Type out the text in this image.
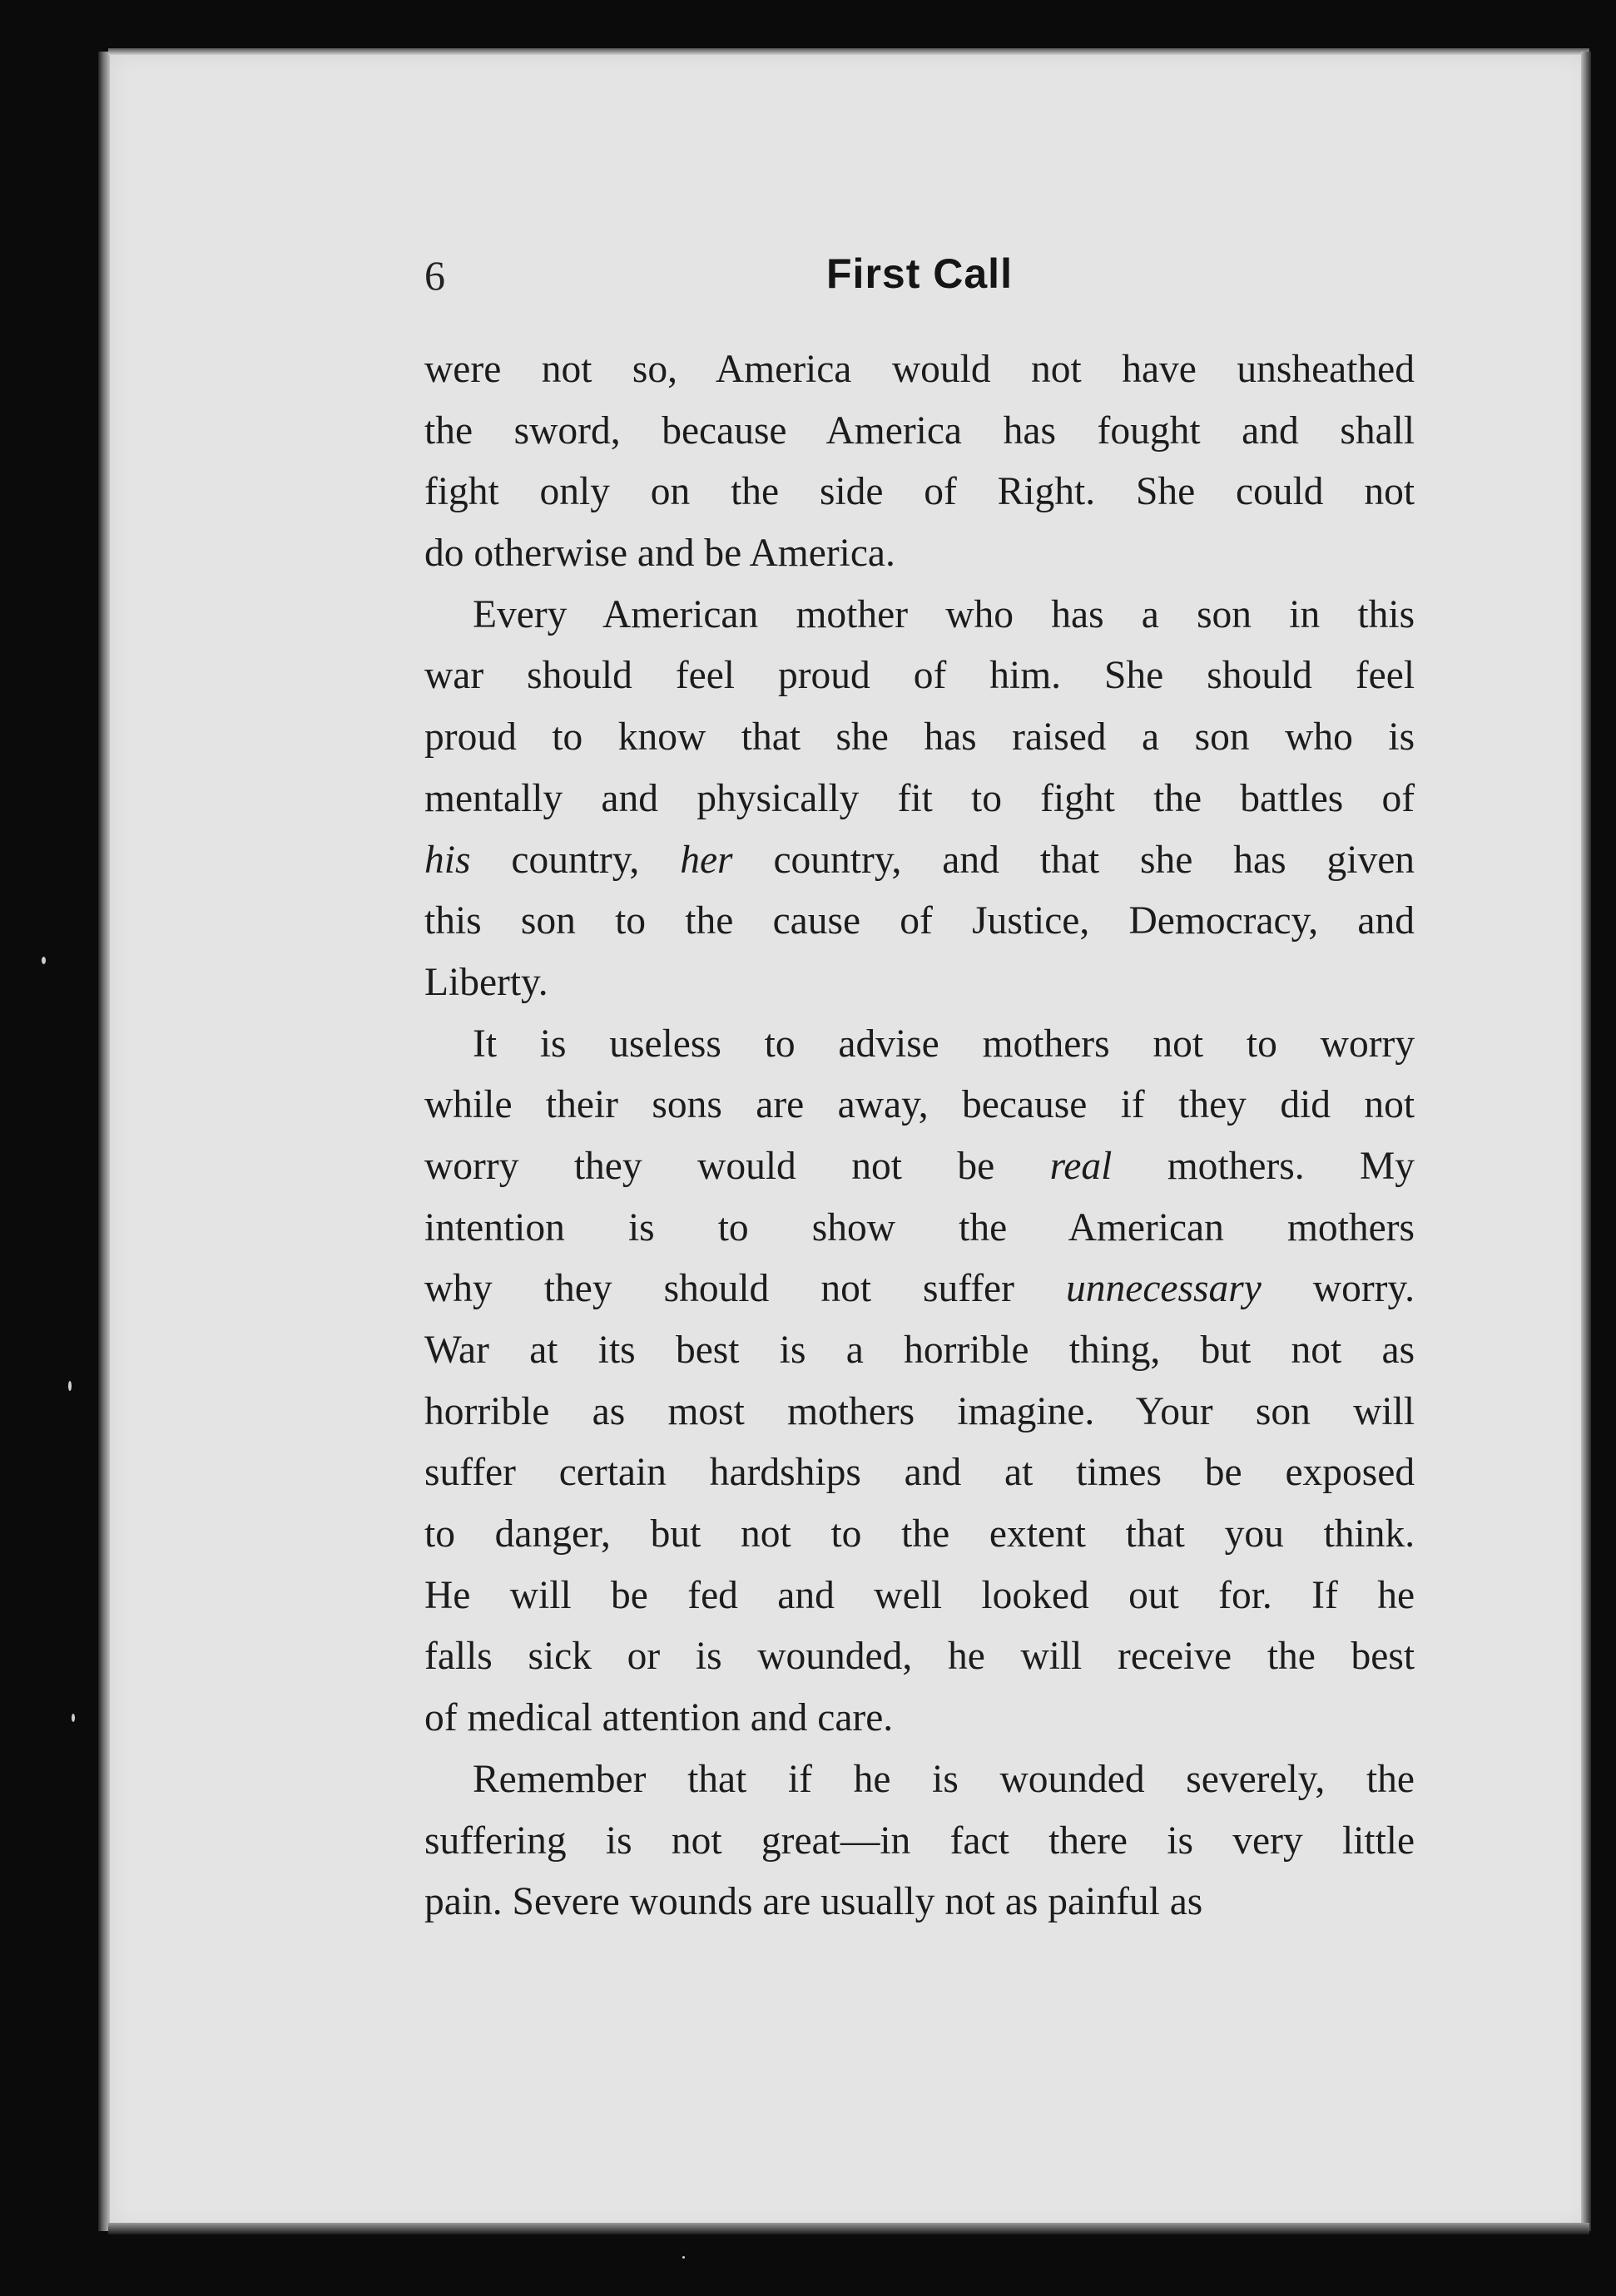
6	First Call
were not so, America would not have unsheathed
the sword, because America has fought and shall
fight only on the side of Right. She could not
do otherwise and be America.
Every American mother who has a son in this
war should feel proud of him. She should feel
proud to know that she has raised a son who is
mentally and physically fit to fight the battles of
his country, her country, and that she has given
this son to the cause of Justice, Democracy, and
Liberty.
It is useless to advise mothers not to worry
while their sons are away, because if they did not
worry they would not be real mothers. My
intention is to show the American mothers
why they should not suffer unnecessary worry.
War at its best is a horrible thing, but not as
horrible as most mothers imagine. Your son will
suffer certain hardships and at times be exposed
to danger, but not to the extent that you think.
He will be fed and well looked out for. If he
falls sick or is wounded, he will receive the best
of medical attention and care.
Remember that if he is wounded severely, the
suffering is not great—in fact there is very little
pain. Severe wounds are usually not as painful as
